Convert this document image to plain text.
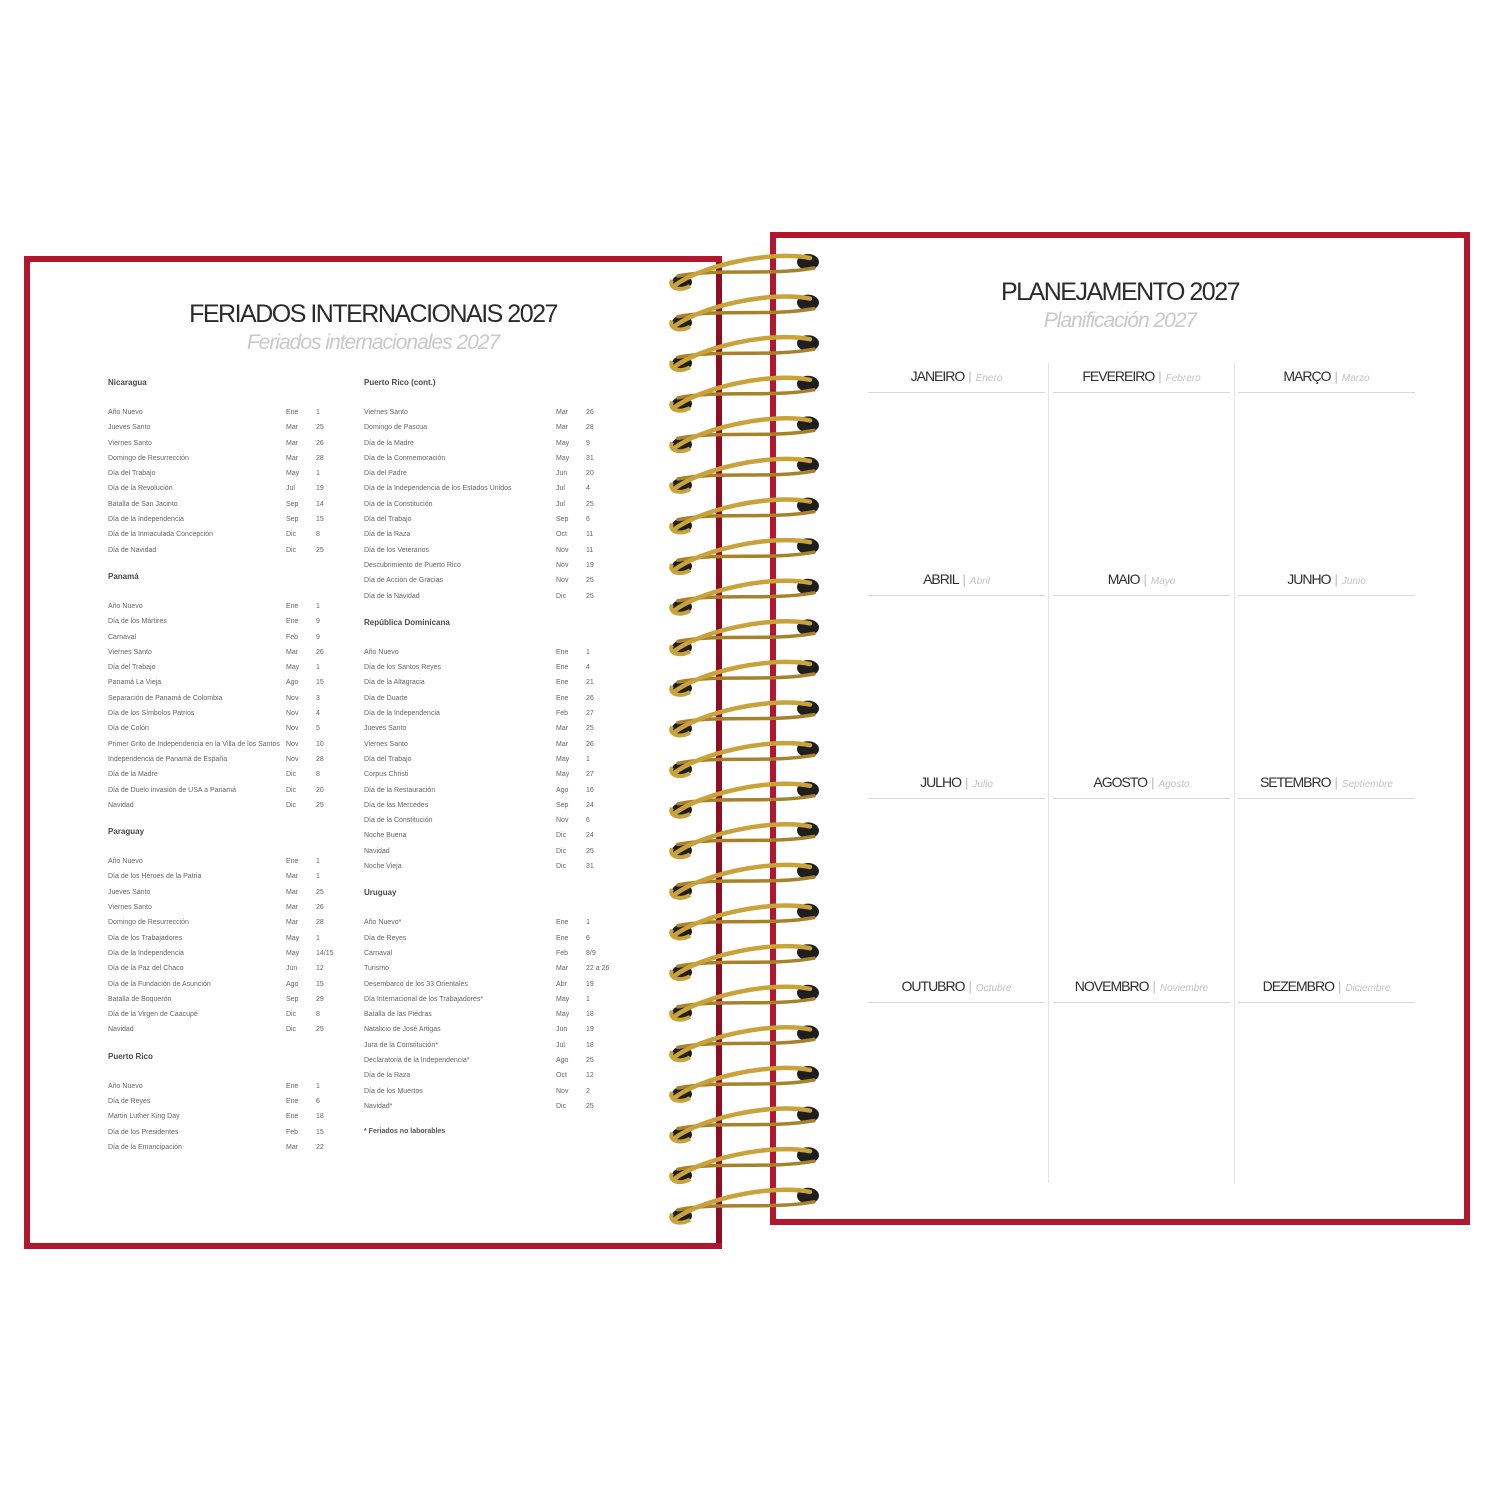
FERIADOS INTERNACIONAIS 2027
Feriados internacionales 2027
Nicaragua
Año Nuevo	Ene	1
Jueves Santo	Mar	25
Viernes Santo	Mar	26
Domingo de Resurrección	Mar	28
Día del Trabajo	May	1
Día de la Revolución	Jul	19
Batalla de San Jacinto	Sep	14
Día de la Independencia	Sep	15
Día de la Inmaculada Concepción	Dic	8
Día de Navidad	Dic	25
Panamá
Año Nuevo	Ene	1
Día de los Mártires	Ene	9
Carnaval	Feb	9
Viernes Santo	Mar	26
Día del Trabajo	May	1
Panamá La Vieja	Ago	15
Separación de Panamá de Colombia	Nov	3
Día de los Símbolos Patrios	Nov	4
Día de Colón	Nov	5
Primer Grito de Independencia en la Villa de los Santos Nov	10
Independencia de Panamá de España	Nov	28
Día de la Madre	Dic	8
Día de Duelo invasión de USA a Panamá	Dic	20
Navidad	Dic	25
Paraguay
Año Nuevo	Ene	1
Día de los Héroes de la Patria	Mar	1
Jueves Santo	Mar	25
Viernes Santo	Mar	26
Domingo de Resurrección	Mar	28
Día de los Trabajadores	May	1
Día de la Independencia	May	14/15
Día de la Paz del Chaco	Jun	12
Día de la Fundación de Asunción	Ago	15
Batalla de Boquerón	Sep	29
Día de la Virgen de Caacupé	Dic	8
Navidad	Dic	25
Puerto Rico
Año Nuevo	Ene	1
Día de Reyes	Ene	6
Martin Luther King Day	Ene	18
Día de los Presidentes	Feb	15
Día de la Emancipación	Mar	22
Puerto Rico (cont.)
Viernes Santo	Mar	26
Domingo de Pascua	Mar	28
Día de la Madre	May	9
Día de la Conmemoración	May	31
Día del Padre	Jun	20
Día de la Independencia de los Estados Unidos	Jul	4
Día de la Constitución	Jul	25
Día del Trabajo	Sep	6
Día de la Raza	Oct	11
Día de los Veteranos	Nov	11
Descubrimiento de Puerto Rico	Nov	19
Día de Acción de Gracias	Nov	25
Día de la Navidad	Dic	25
República Dominicana
Año Nuevo	Ene	1
Día de los Santos Reyes	Ene	4
Día de la Altagracia	Ene	21
Día de Duarte	Ene	26
Día de la Independencia	Feb	27
Jueves Santo	Mar	25
Viernes Santo	Mar	26
Día del Trabajo	May	1
Corpus Christi	May	27
Día de la Restauración	Ago	16
Día de las Mercedes	Sep	24
Día de la Constitución	Nov	6
Noche Buena	Dic	24
Navidad	Dic	25
Noche Vieja	Dic	31
Uruguay
Año Nuevo*	Ene	1
Día de Reyes	Ene	6
Carnaval	Feb	8/9
Turismo	Mar	22 a 26
Desembarco de los 33 Orientales	Abr	19
Día Internacional de los Trabajadores*	May	1
Batalla de las Piedras	May	18
Natalicio de José Artigas	Jun	19
Jura de la Constitución*	Jul	18
Declaratoria de la Independencia*	Ago	25
Día de la Raza	Oct	12
Día de los Muertos	Nov	2
Navidad*	Dic	25
* Feriados no laborables
PLANEJAMENTO 2027
Planificación 2027
JANEIRO | Enero	FEVEREIRO | Febrero	MARÇO | Marzo
ABRIL | Abril	MAIO | Mayo	JUNHO | Junio
JULHO | Julio	AGOSTO | Agosto	SETEMBRO | Septiembre
OUTUBRO | Octubre	NOVEMBRO | Noviembre	DEZEMBRO | Diciembre
